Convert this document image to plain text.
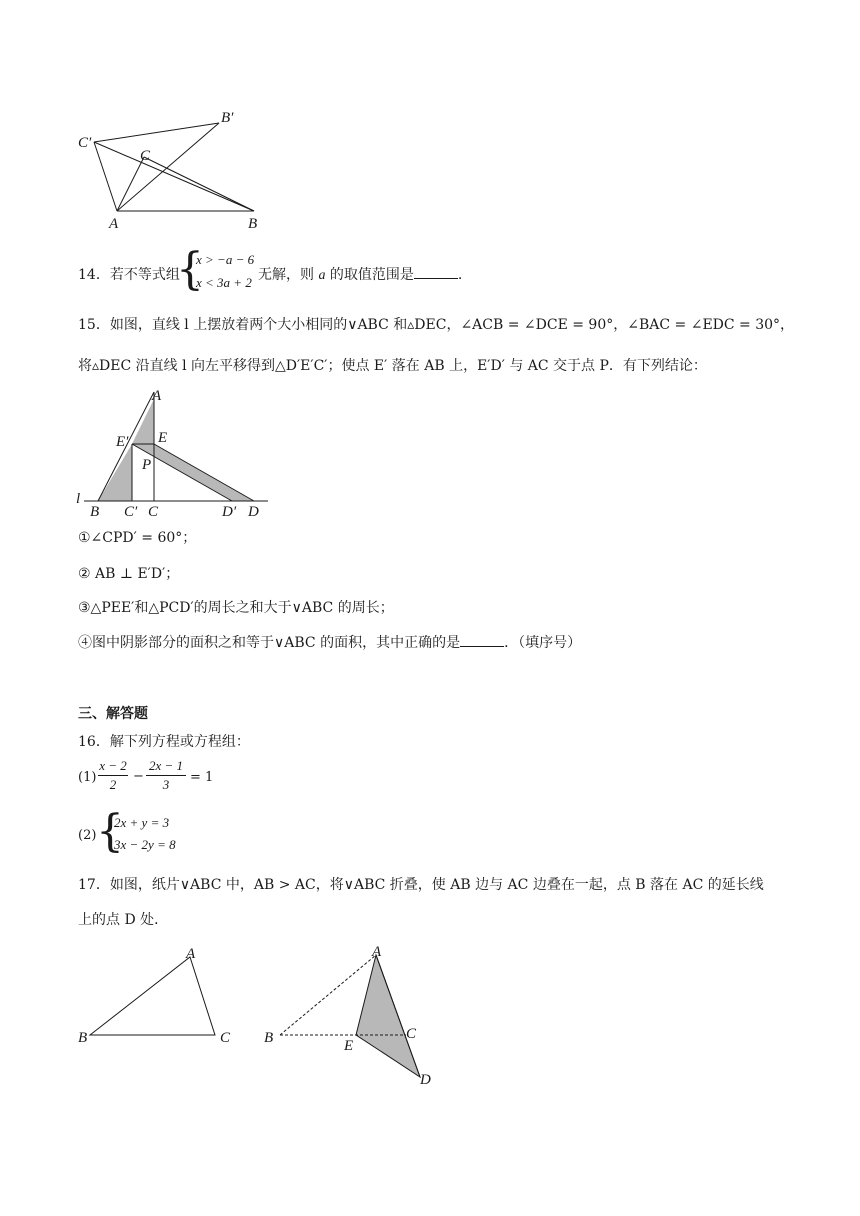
C′
B′
C
A	B
14．若不等式组
{
x > −a − 6
x < 3a + 2 无解，则 a 的取值范围是	.
15．如图，直线 l 上摆放着两个大小相同的∨ABC 和▵DEC，∠ACB = ∠DCE = 90°，∠BAC = ∠EDC = 30°，
将▵DEC 沿直线 l 向左平移得到△D′E′C′；使点 E′ 落在 AB 上，E′D′ 与 AC 交于点 P．有下列结论：
A
E′ E
P
l
B C′ C	D′ D
①∠CPD′ = 60°；
② AB ⊥ E′D′；
③△PEE′和△PCD′的周长之和大于∨ABC 的周长；
④图中阴影部分的面积之和等于∨ABC 的面积，其中正确的是	．（填序号）
三、解答题
16．解下列方程或方程组：
(1)
x − 2
2
−
2x − 1
3	= 1
(2) {
2x + y = 3
3x − 2y = 8
17．如图，纸片∨ABC 中，AB > AC，将∨ABC 折叠，使 AB 边与 AC 边叠在一起，点 B 落在 AC 的延长线
上的点 D 处．
A
B	C
A
B	C
E
D
